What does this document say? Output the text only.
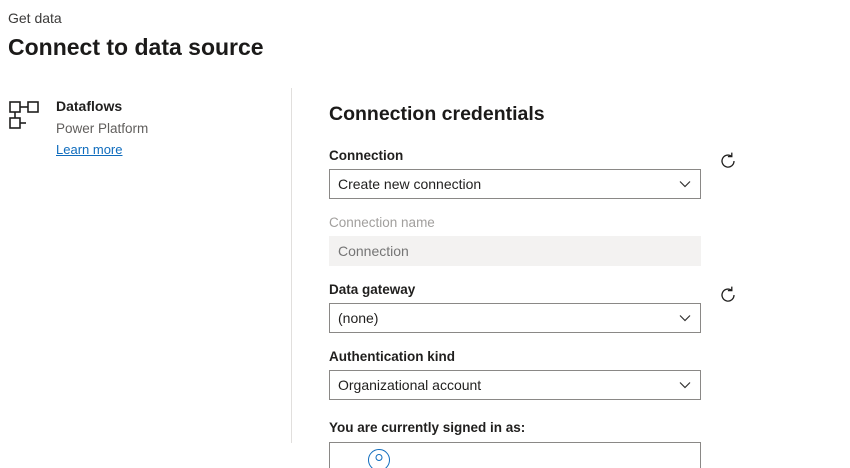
Get data
Connect to data source
Dataflows
Power Platform
Learn more
Connection credentials
Connection
Create new connection
Connection name
Connection
Data gateway
(none)
Authentication kind
Organizational account
You are currently signed in as:
